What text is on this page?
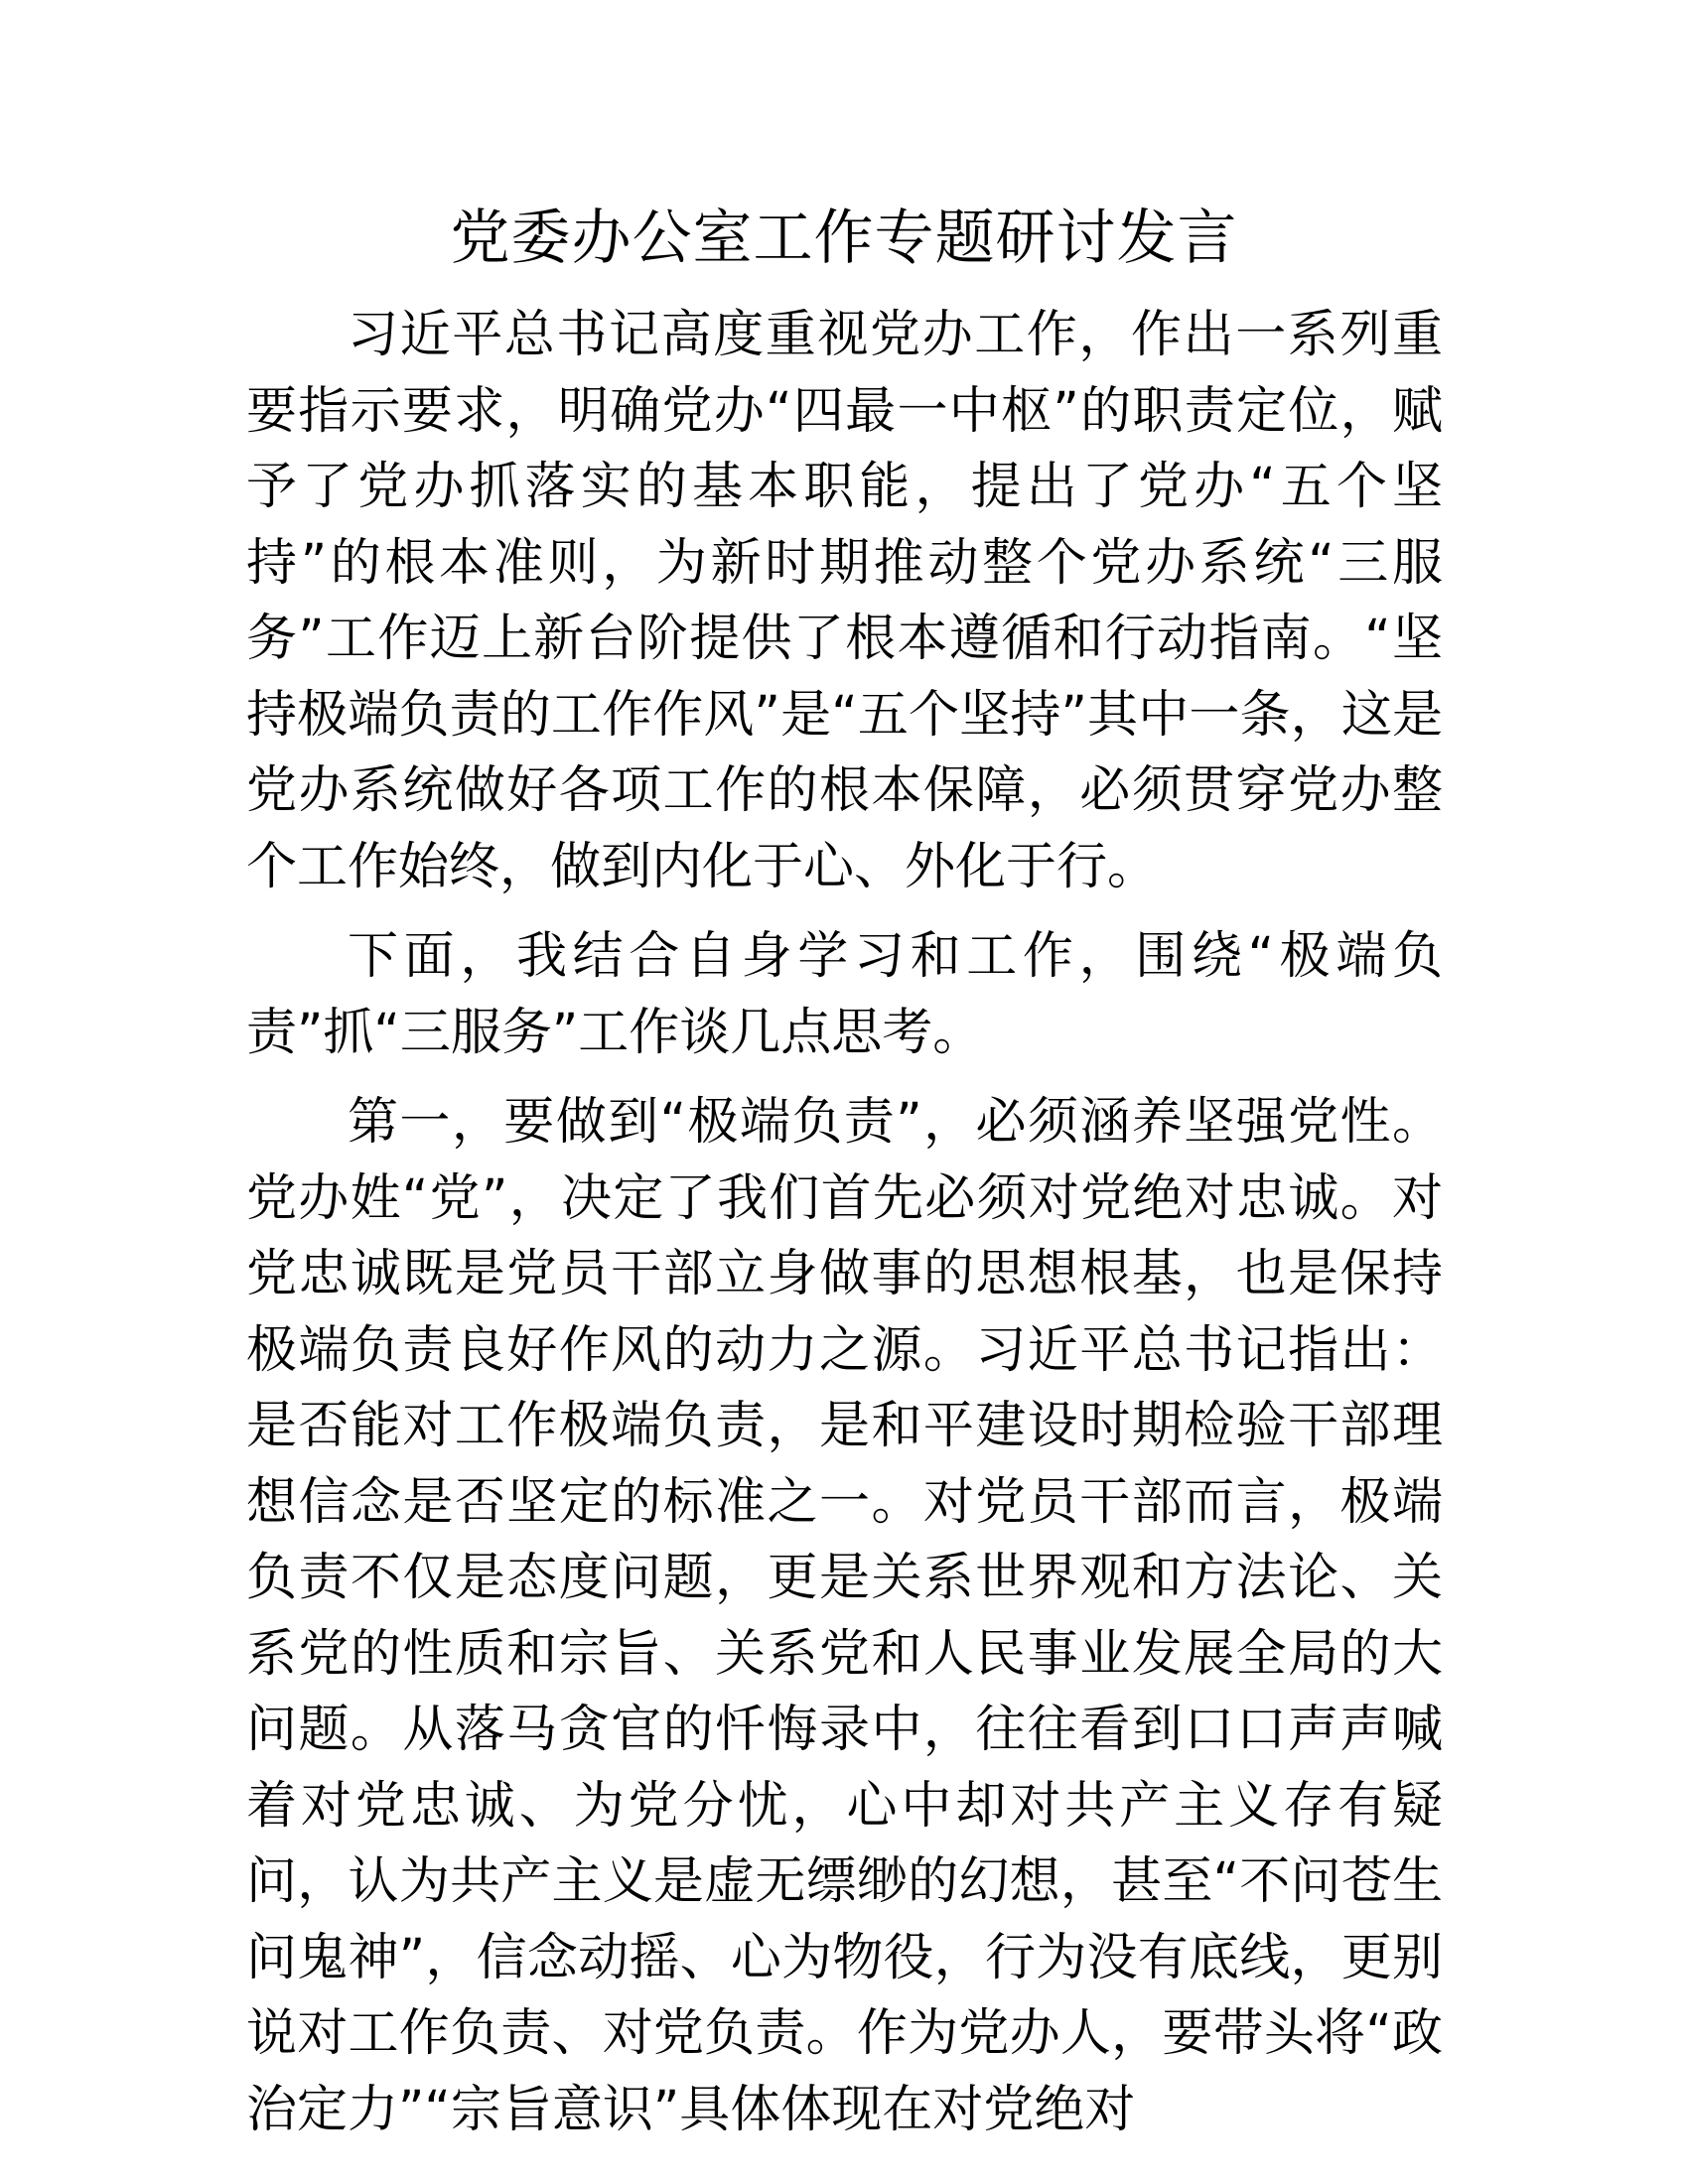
党委办公室工作专题研讨发言

习近平总书记高度重视党办工作，作出一系列重要指示要求，明确党办“四最一中枢”的职责定位，赋予了党办抓落实的基本职能，提出了党办“五个坚持”的根本准则，为新时期推动整个党办系统“三服务”工作迈上新台阶提供了根本遵循和行动指南。“坚持极端负责的工作作风”是“五个坚持”其中一条，这是党办系统做好各项工作的根本保障，必须贯穿党办整个工作始终，做到内化于心、外化于行。

下面，我结合自身学习和工作，围绕“极端负责”抓“三服务”工作谈几点思考。

第一，要做到“极端负责”，必须涵养坚强党性。党办姓“党”，决定了我们首先必须对党绝对忠诚。对党忠诚既是党员干部立身做事的思想根基，也是保持极端负责良好作风的动力之源。习近平总书记指出：是否能对工作极端负责，是和平建设时期检验干部理想信念是否坚定的标准之一。对党员干部而言，极端负责不仅是态度问题，更是关系世界观和方法论、关系党的性质和宗旨、关系党和人民事业发展全局的大问题。从落马贪官的忏悔录中，往往看到口口声声喊着对党忠诚、为党分忧，心中却对共产主义存有疑问，认为共产主义是虚无缥缈的幻想，甚至“不问苍生问鬼神”，信念动摇、心为物役，行为没有底线，更别说对工作负责、对党负责。作为党办人，要带头将“政治定力”“宗旨意识”具体体现在对党绝对
